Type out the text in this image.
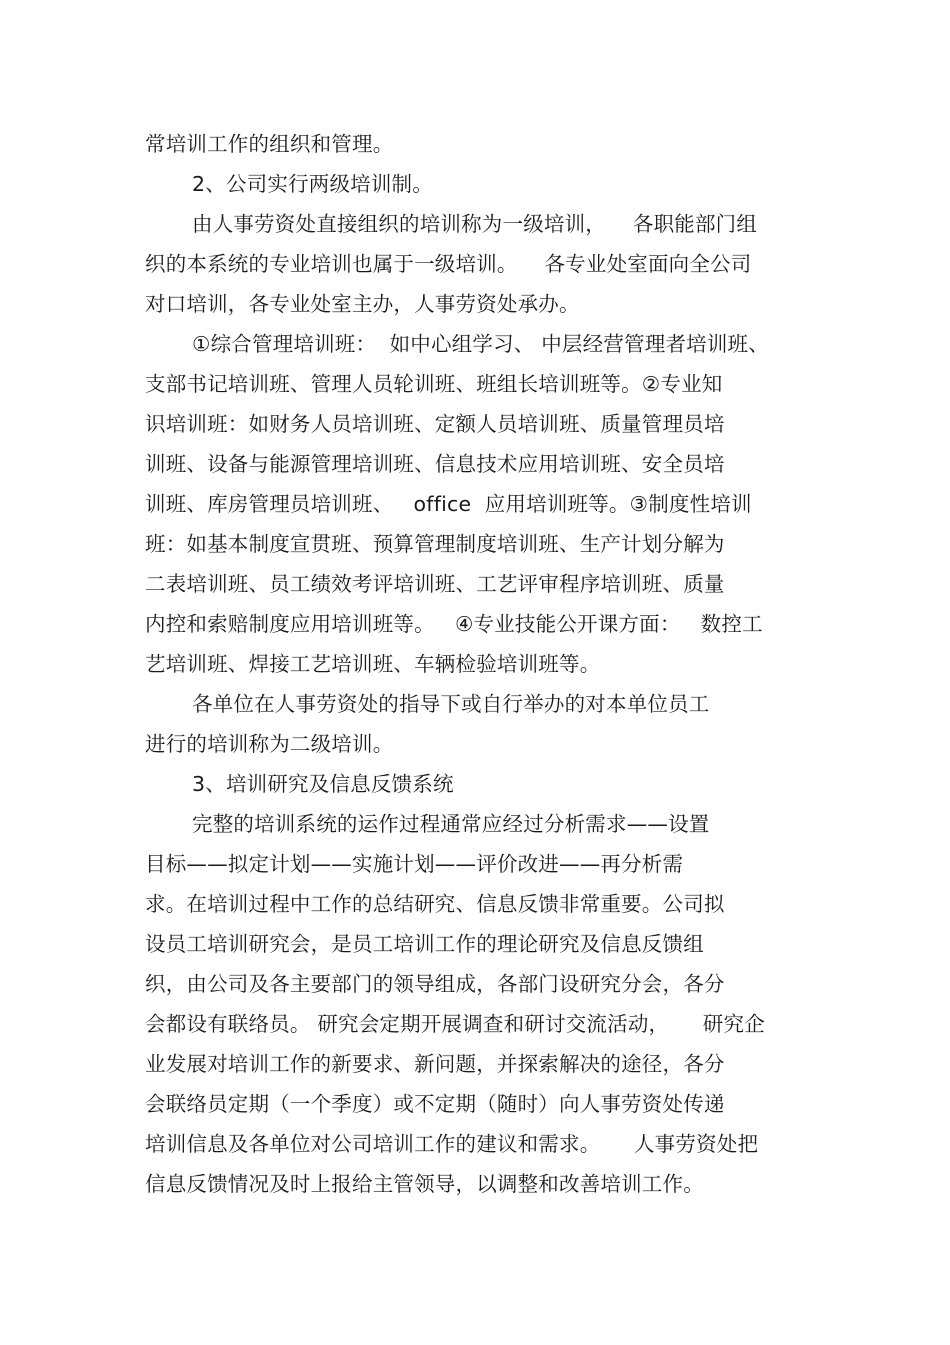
常培训工作的组织和管理。
2、公司实行两级培训制。
由人事劳资处直接组织的培训称为一级培训，    各职能部门组
织的本系统的专业培训也属于一级培训。    各专业处室面向全公司
对口培训，各专业处室主办，人事劳资处承办。
①综合管理培训班：  如中心组学习、 中层经营管理者培训班、
支部书记培训班、管理人员轮训班、班组长培训班等。②专业知
识培训班：如财务人员培训班、定额人员培训班、质量管理员培
训班、设备与能源管理培训班、信息技术应用培训班、安全员培
训班、库房管理员培训班、   office  应用培训班等。③制度性培训
班：如基本制度宣贯班、预算管理制度培训班、生产计划分解为
二表培训班、员工绩效考评培训班、工艺评审程序培训班、质量
内控和索赔制度应用培训班等。   ④专业技能公开课方面：   数控工
艺培训班、焊接工艺培训班、车辆检验培训班等。
各单位在人事劳资处的指导下或自行举办的对本单位员工
进行的培训称为二级培训。
3、培训研究及信息反馈系统
完整的培训系统的运作过程通常应经过分析需求——设置
目标——拟定计划——实施计划——评价改进——再分析需
求。在培训过程中工作的总结研究、信息反馈非常重要。公司拟
设员工培训研究会，是员工培训工作的理论研究及信息反馈组
织，由公司及各主要部门的领导组成，各部门设研究分会，各分
会都设有联络员。 研究会定期开展调查和研讨交流活动，     研究企
业发展对培训工作的新要求、新问题，并探索解决的途径，各分
会联络员定期（一个季度）或不定期（随时）向人事劳资处传递
培训信息及各单位对公司培训工作的建议和需求。     人事劳资处把
信息反馈情况及时上报给主管领导，以调整和改善培训工作。
